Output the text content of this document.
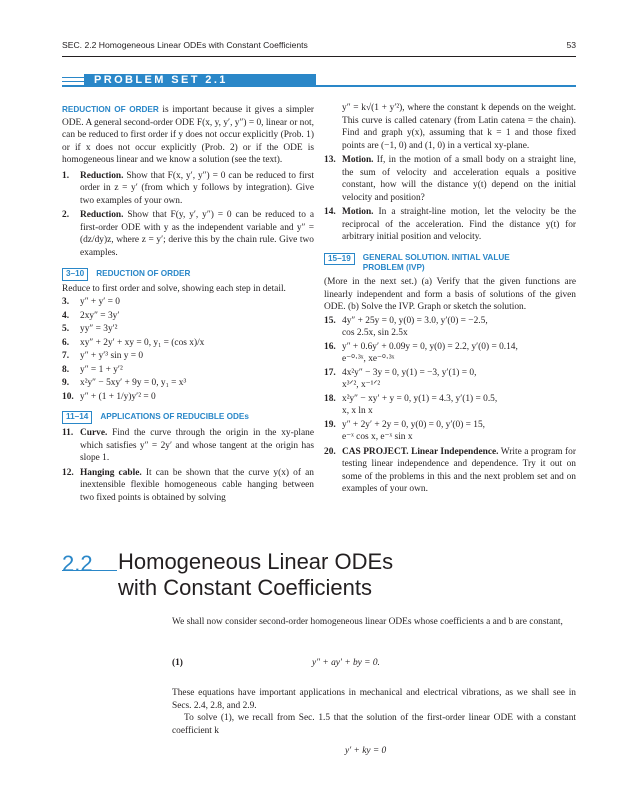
SEC. 2.2 Homogeneous Linear ODEs with Constant Coefficients	53
PROBLEM SET 2.1

REDUCTION OF ORDER is important because it gives a simpler ODE. A general second-order ODE F(x, y, y′, y″) = 0, linear or not, can be reduced to first order if y does not occur explicitly (Prob. 1) or if x does not occur explicitly (Prob. 2) or if the ODE is homogeneous linear and we know a solution (see the text).

1. Reduction. Show that F(x, y′, y″) = 0 can be reduced to first order in z = y′ (from which y follows by integration). Give two examples of your own.

2. Reduction. Show that F(y, y′, y″) = 0 can be reduced to a first-order ODE with y as the independent variable and y″ = (dz/dy)z, where z = y′; derive this by the chain rule. Give two examples.

3–10 REDUCTION OF ORDER

Reduce to first order and solve, showing each step in detail.

3. y″ + y′ = 0

4. 2xy″ = 3y′

5. yy″ = 3y′²

6. xy″ + 2y′ + xy = 0, y₁ = (cos x)/x

7. y″ + y′³ sin y = 0

8. y″ = 1 + y′²

9. x²y″ − 5xy′ + 9y = 0, y₁ = x³

10. y″ + (1 + 1/y)y′² = 0

11–14 APPLICATIONS OF REDUCIBLE ODEs

11. Curve. Find the curve through the origin in the xy-plane which satisfies y″ = 2y′ and whose tangent at the origin has slope 1.

12. Hanging cable. It can be shown that the curve y(x) of an inextensible flexible homogeneous cable hanging between two fixed points is obtained by solving

y″ = k√(1 + y′²), where the constant k depends on the weight. This curve is called catenary (from Latin catena = the chain). Find and graph y(x), assuming that k = 1 and those fixed points are (−1, 0) and (1, 0) in a vertical xy-plane.

13. Motion. If, in the motion of a small body on a straight line, the sum of velocity and acceleration equals a positive constant, how will the distance y(t) depend on the initial velocity and position?

14. Motion. In a straight-line motion, let the velocity be the reciprocal of the acceleration. Find the distance y(t) for arbitrary initial position and velocity.

15–19 GENERAL SOLUTION. INITIAL VALUE
PROBLEM (IVP)

(More in the next set.) (a) Verify that the given functions are linearly independent and form a basis of solutions of the given ODE. (b) Solve the IVP. Graph or sketch the solution.

15. 4y″ + 25y = 0, y(0) = 3.0, y′(0) = −2.5,
cos 2.5x, sin 2.5x

16. y″ + 0.6y′ + 0.09y = 0, y(0) = 2.2, y′(0) = 0.14,
e⁻⁰·³ˣ, xe⁻⁰·³ˣ

17. 4x²y″ − 3y = 0, y(1) = −3, y′(1) = 0,
x³ᐟ², x⁻¹ᐟ²

18. x²y″ − xy′ + y = 0, y(1) = 4.3, y′(1) = 0.5,
x, x ln x

19. y″ + 2y′ + 2y = 0, y(0) = 0, y′(0) = 15,
e⁻ˣ cos x, e⁻ˣ sin x

20. CAS PROJECT. Linear Independence. Write a program for testing linear independence and dependence. Try it out on some of the problems in this and the next problem set and on examples of your own.

2.2 Homogeneous Linear ODEs
with Constant Coefficients

We shall now consider second-order homogeneous linear ODEs whose coefficients a and b are constant,

(1)	y″ + ay′ + by = 0.

These equations have important applications in mechanical and electrical vibrations, as we shall see in Secs. 2.4, 2.8, and 2.9.

To solve (1), we recall from Sec. 1.5 that the solution of the first-order linear ODE with a constant coefficient k

y′ + ky = 0
